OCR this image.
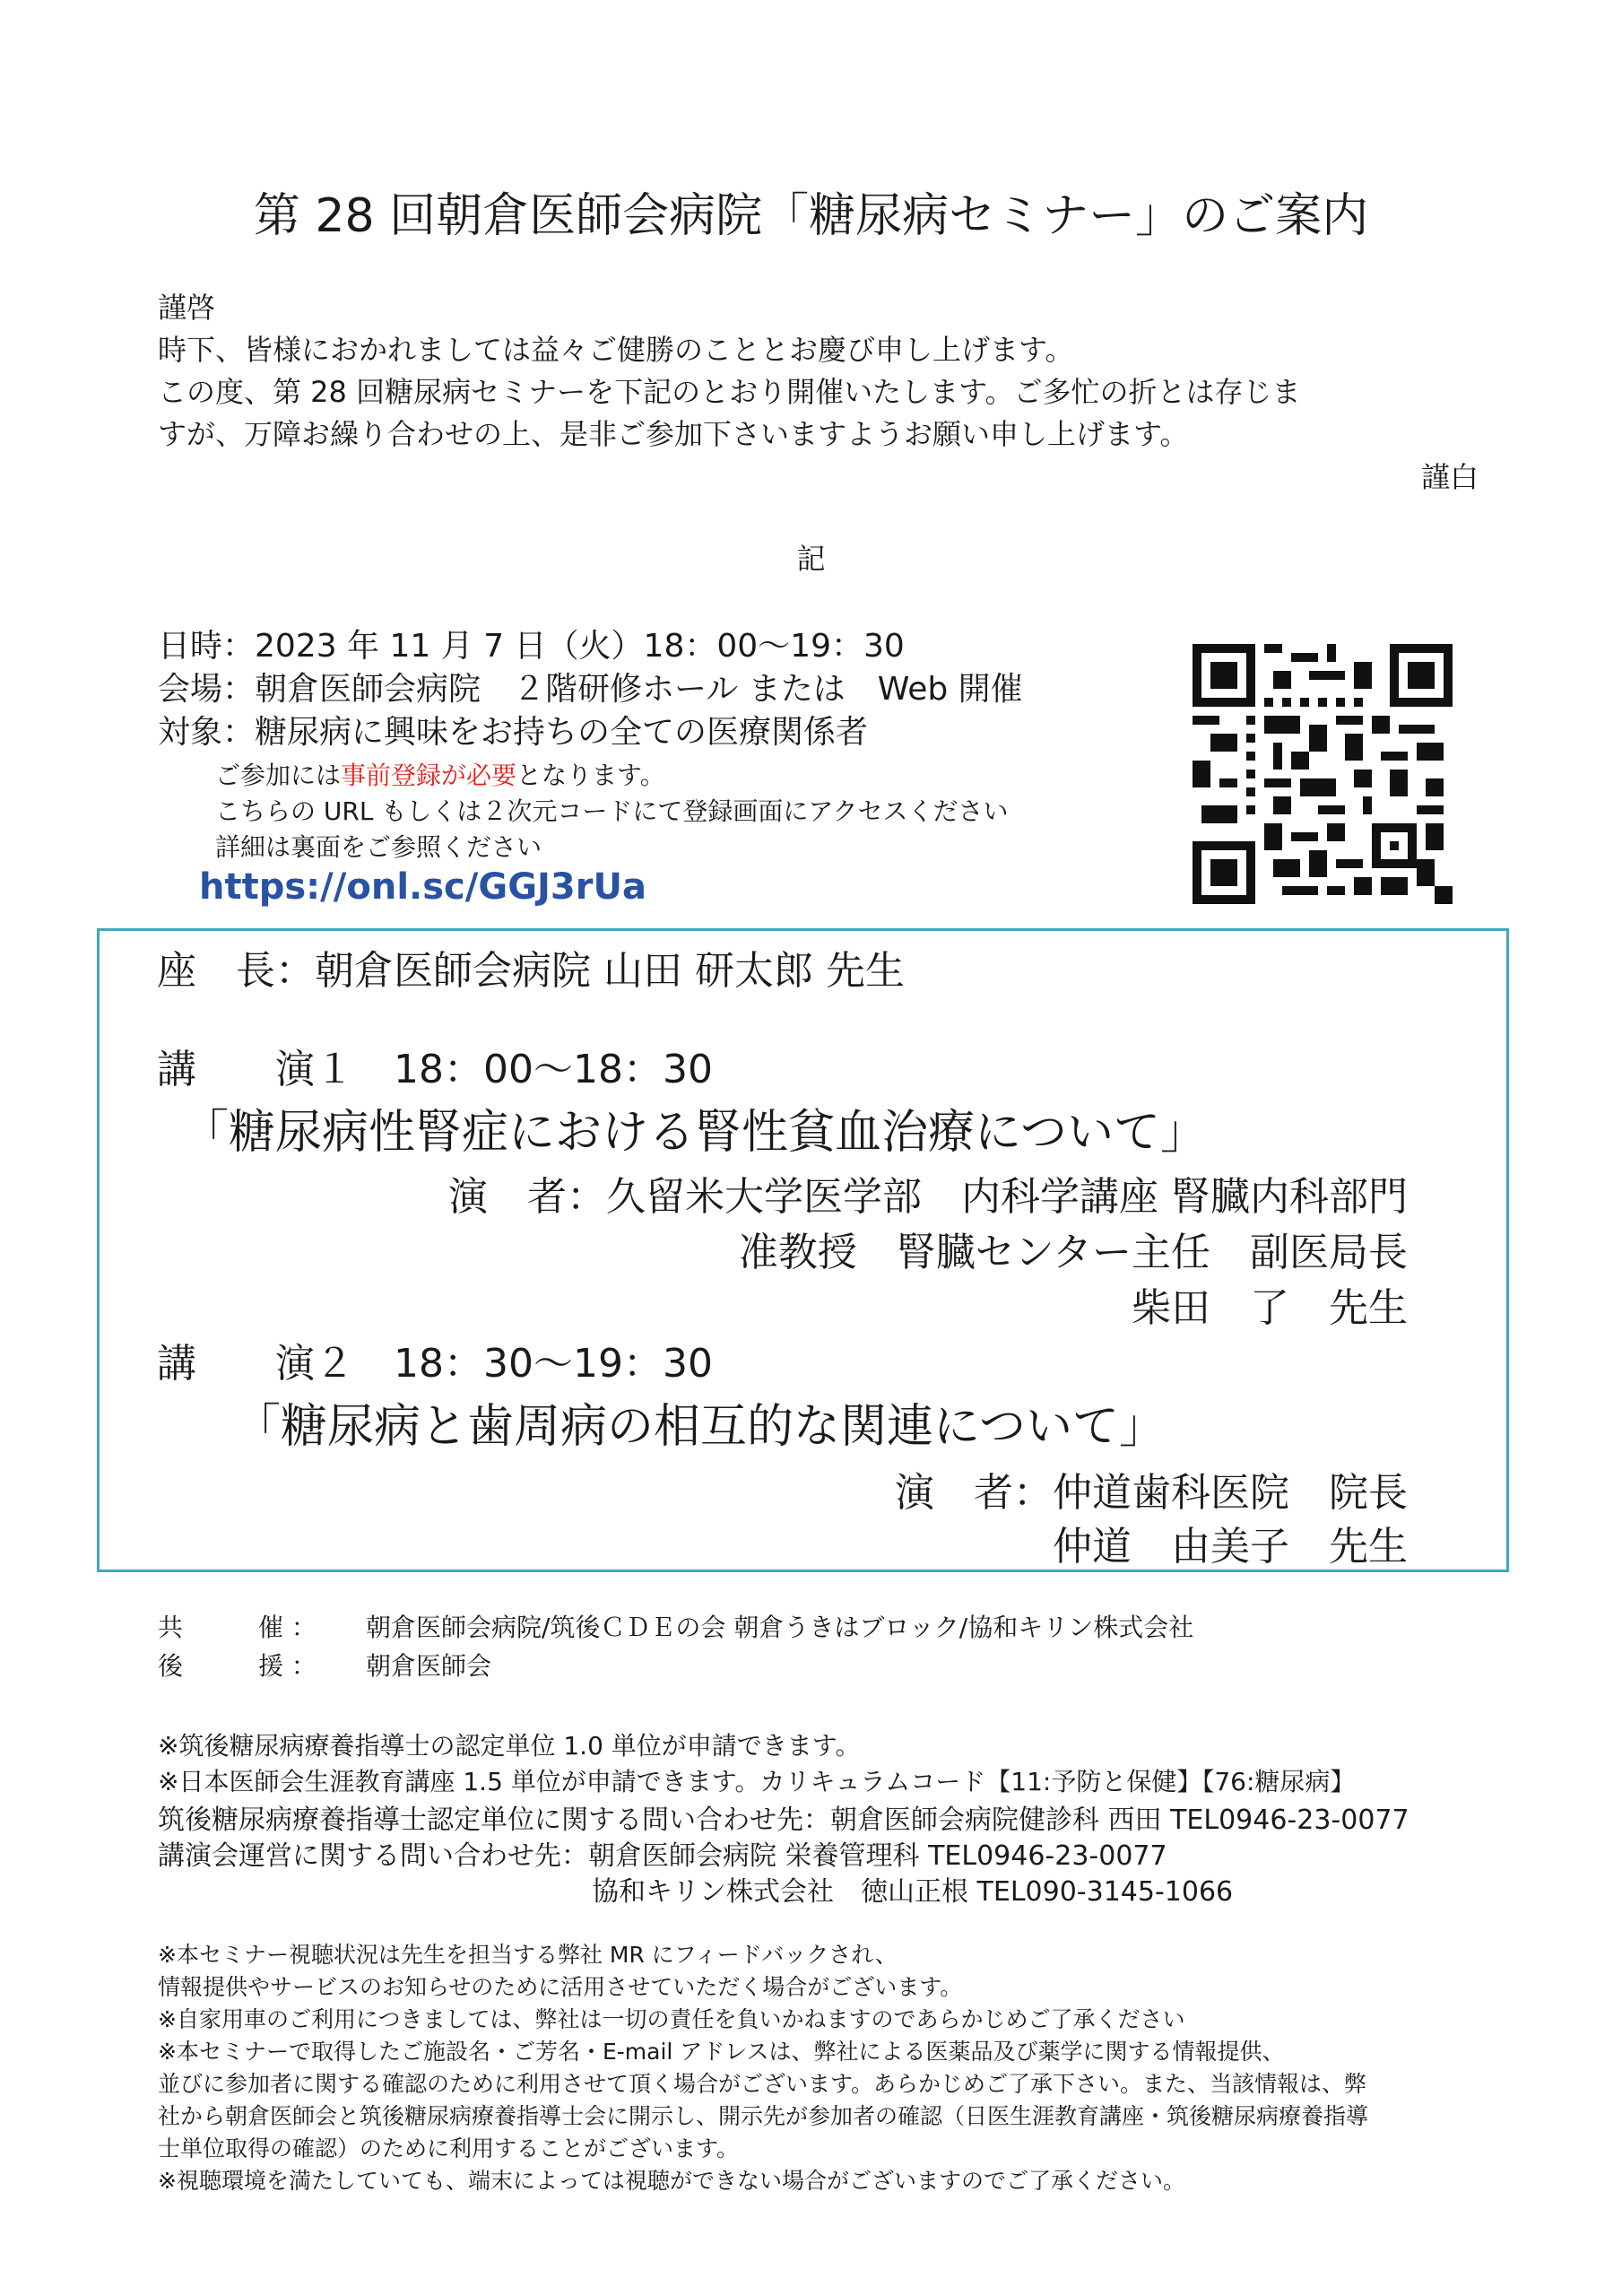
第 28 回朝倉医師会病院「糖尿病セミナー」のご案内
謹啓
時下、皆様におかれましては益々ご健勝のこととお慶び申し上げます。
この度、第 28 回糖尿病セミナーを下記のとおり開催いたします。ご多忙の折とは存じま
すが、万障お繰り合わせの上、是非ご参加下さいますようお願い申し上げます。
謹白
記
日時：2023 年 11 月 7 日（火）18：00～19：30
会場：朝倉医師会病院　２階研修ホール または　Web 開催
対象：糖尿病に興味をお持ちの全ての医療関係者
ご参加には事前登録が必要となります。
こちらの URL もしくは２次元コードにて登録画面にアクセスください
詳細は裏面をご参照ください
https://onl.sc/GGJ3rUa
座　長：朝倉医師会病院 山田 研太郎 先生
講　　演１　18：00～18：30
「糖尿病性腎症における腎性貧血治療について」
演　者：久留米大学医学部　内科学講座 腎臓内科部門
准教授　腎臓センター主任　副医局長
柴田　了　先生
講　　演２　18：30～19：30
「糖尿病と歯周病の相互的な関連について」
演　者：仲道歯科医院　院長
仲道　由美子　先生
共　　　催 ： 朝倉医師会病院/筑後ＣＤＥの会 朝倉うきはブロック/協和キリン株式会社
後　　　援 ： 朝倉医師会
※筑後糖尿病療養指導士の認定単位 1.0 単位が申請できます。
※日本医師会生涯教育講座 1.5 単位が申請できます。カリキュラムコード【11:予防と保健】【76:糖尿病】
筑後糖尿病療養指導士認定単位に関する問い合わせ先：朝倉医師会病院健診科 西田 TEL0946-23-0077
講演会運営に関する問い合わせ先：朝倉医師会病院 栄養管理科 TEL0946-23-0077
協和キリン株式会社　徳山正根 TEL090-3145-1066
※本セミナー視聴状況は先生を担当する弊社 MR にフィードバックされ、
情報提供やサービスのお知らせのために活用させていただく場合がございます。
※自家用車のご利用につきましては、弊社は一切の責任を負いかねますのであらかじめご了承ください
※本セミナーで取得したご施設名・ご芳名・E-mail アドレスは、弊社による医薬品及び薬学に関する情報提供、
並びに参加者に関する確認のために利用させて頂く場合がございます。あらかじめご了承下さい。また、当該情報は、弊
社から朝倉医師会と筑後糖尿病療養指導士会に開示し、開示先が参加者の確認（日医生涯教育講座・筑後糖尿病療養指導
士単位取得の確認）のために利用することがございます。
※視聴環境を満たしていても、端末によっては視聴ができない場合がございますのでご了承ください。
